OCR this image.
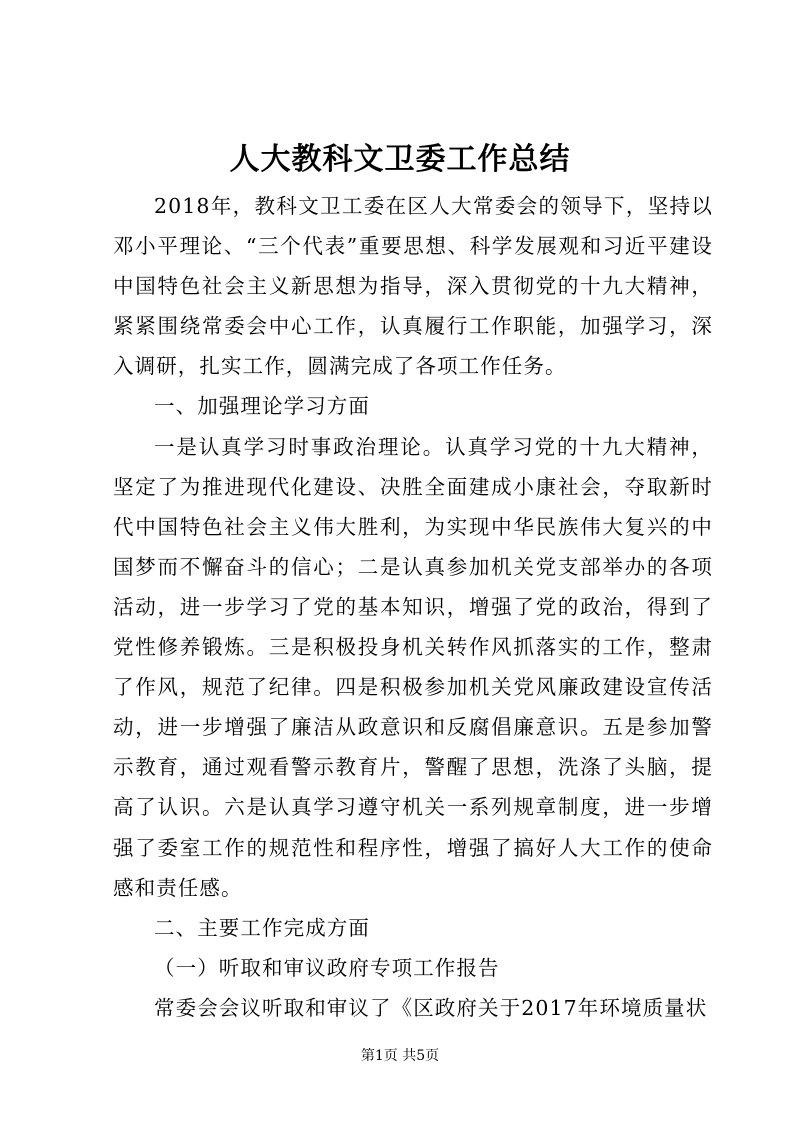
人大教科文卫委工作总结

2018年，教科文卫工委在区人大常委会的领导下，坚持以邓小平理论、“三个代表”重要思想、科学发展观和习近平建设中国特色社会主义新思想为指导，深入贯彻党的十九大精神，紧紧围绕常委会中心工作，认真履行工作职能，加强学习，深入调研，扎实工作，圆满完成了各项工作任务。

一、加强理论学习方面

一是认真学习时事政治理论。认真学习党的十九大精神，坚定了为推进现代化建设、决胜全面建成小康社会，夺取新时代中国特色社会主义伟大胜利，为实现中华民族伟大复兴的中国梦而不懈奋斗的信心；二是认真参加机关党支部举办的各项活动，进一步学习了党的基本知识，增强了党的政治，得到了党性修养锻炼。三是积极投身机关转作风抓落实的工作，整肃了作风，规范了纪律。四是积极参加机关党风廉政建设宣传活动，进一步增强了廉洁从政意识和反腐倡廉意识。五是参加警示教育，通过观看警示教育片，警醒了思想，洗涤了头脑，提高了认识。六是认真学习遵守机关一系列规章制度，进一步增强了委室工作的规范性和程序性，增强了搞好人大工作的使命感和责任感。

二、主要工作完成方面

（一）听取和审议政府专项工作报告

常委会会议听取和审议了《区政府关于2017年环境质量状

第1页 共5页
